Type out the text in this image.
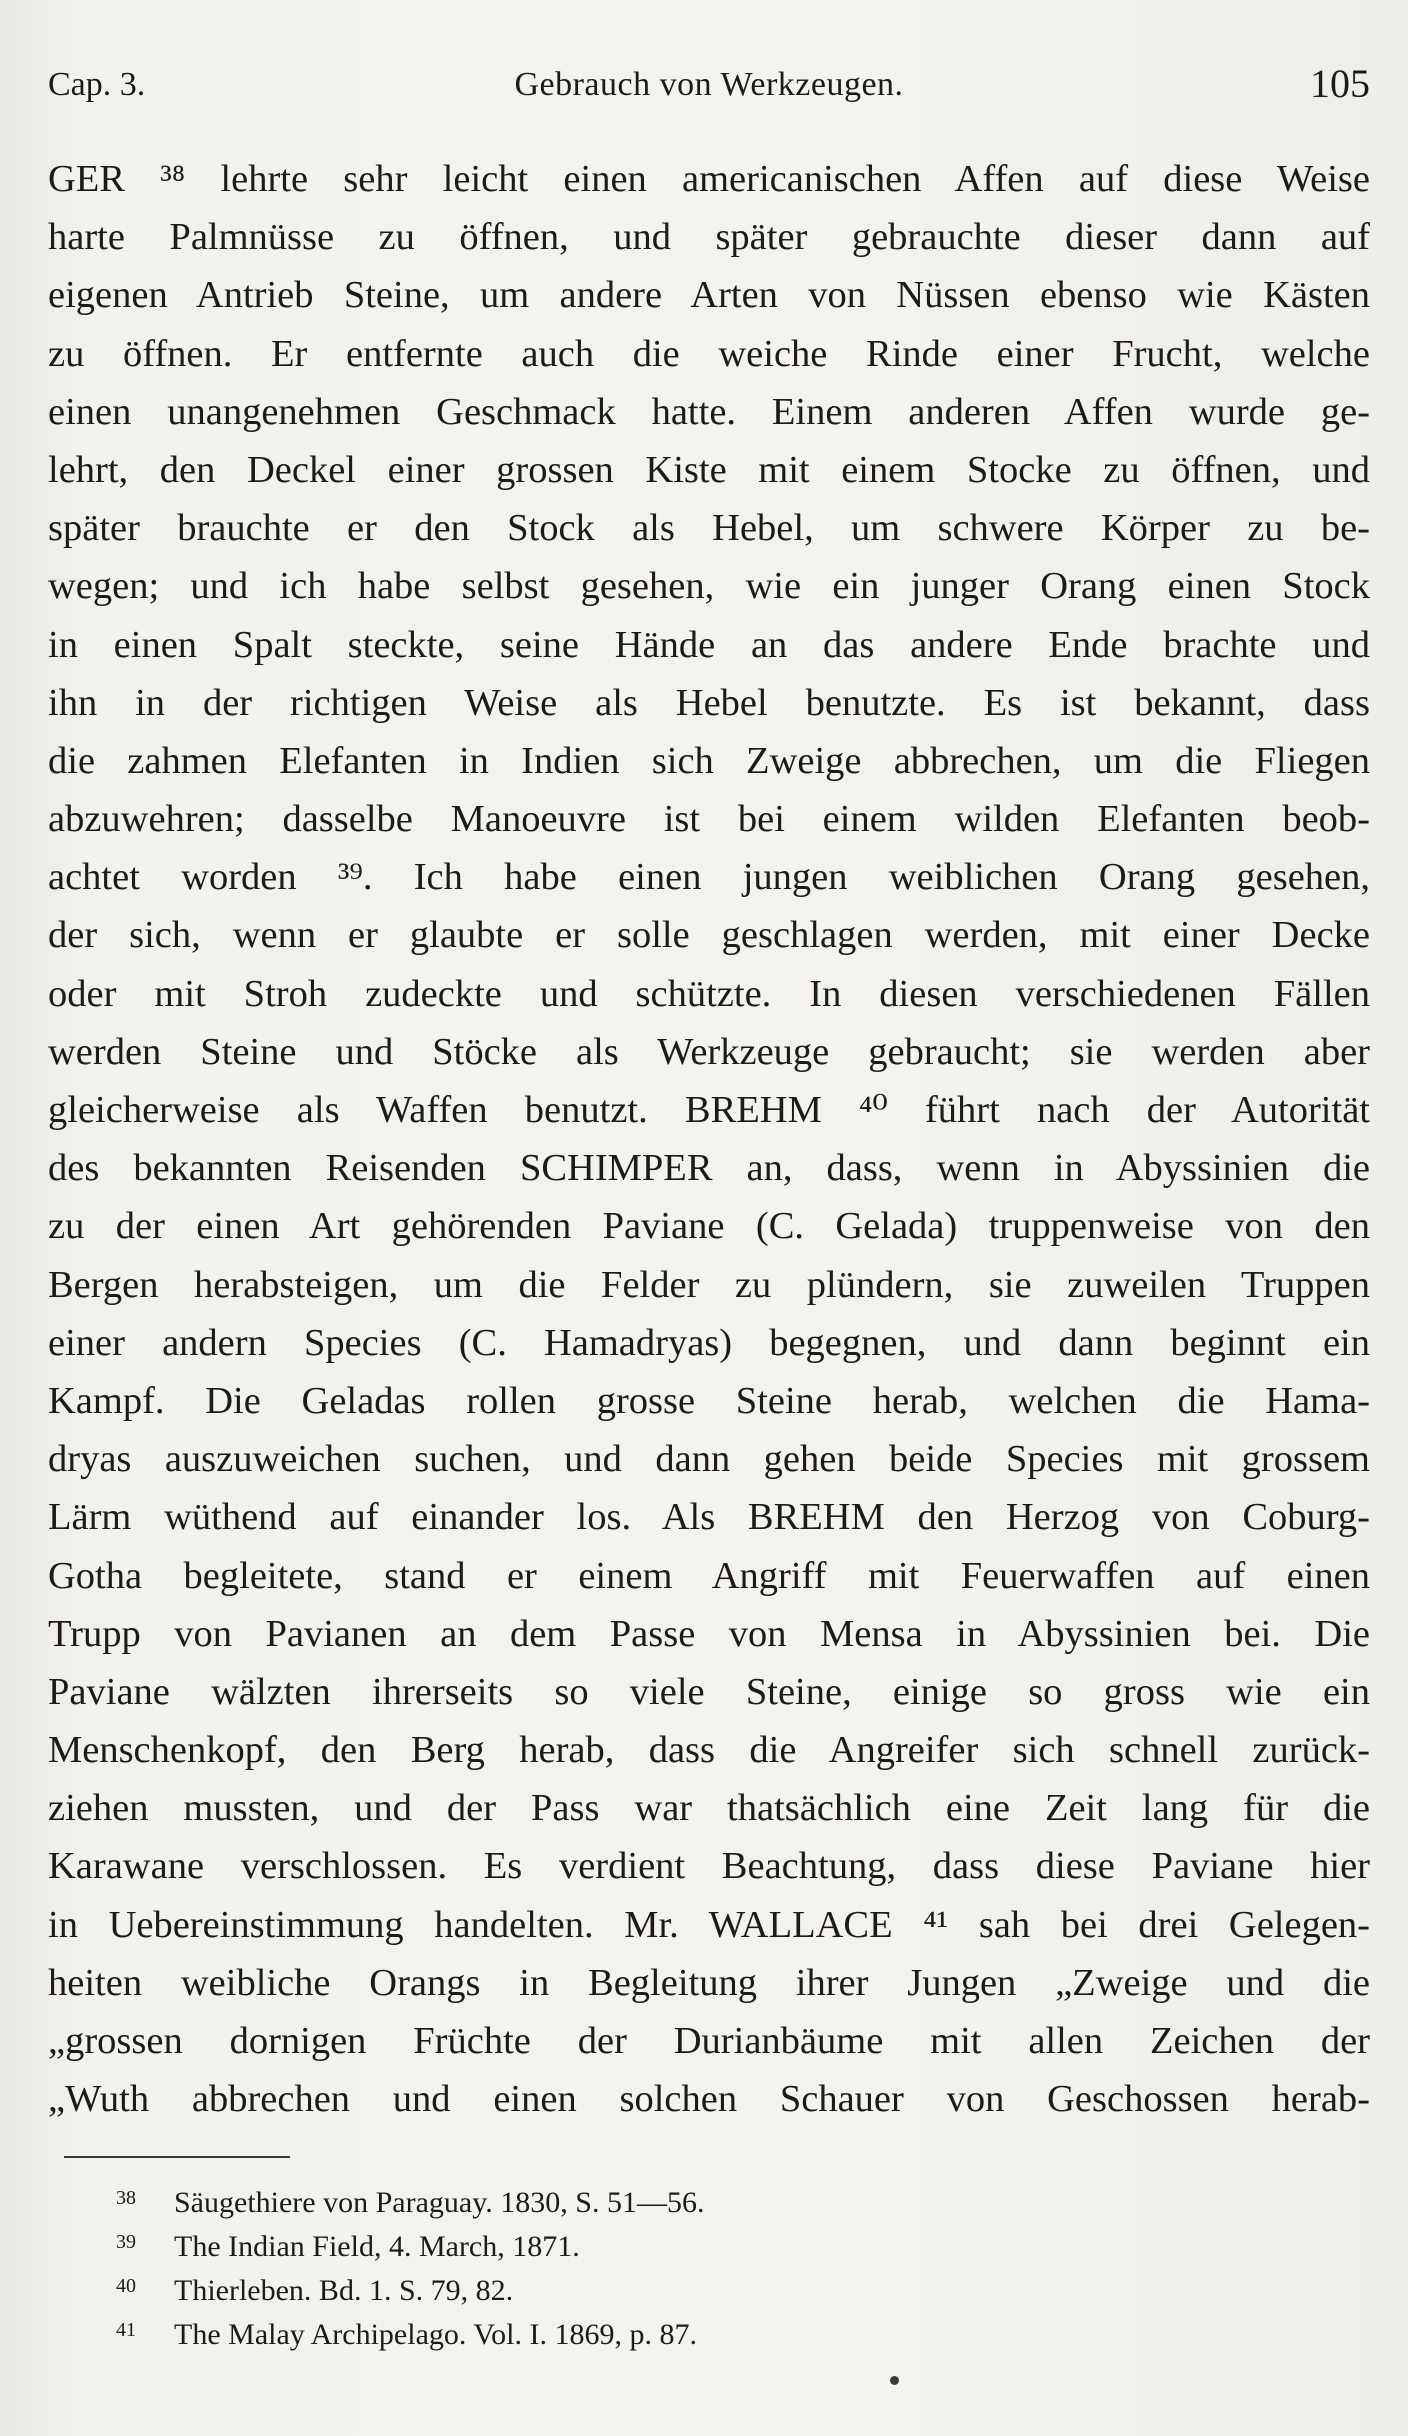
Cap. 3.	Gebrauch von Werkzeugen.	105
GER ³⁸ lehrte sehr leicht einen americanischen Affen auf diese Weise
harte Palmnüsse zu öffnen, und später gebrauchte dieser dann auf
eigenen Antrieb Steine, um andere Arten von Nüssen ebenso wie Kästen
zu öffnen. Er entfernte auch die weiche Rinde einer Frucht, welche
einen unangenehmen Geschmack hatte. Einem anderen Affen wurde ge-
lehrt, den Deckel einer grossen Kiste mit einem Stocke zu öffnen, und
später brauchte er den Stock als Hebel, um schwere Körper zu be-
wegen; und ich habe selbst gesehen, wie ein junger Orang einen Stock
in einen Spalt steckte, seine Hände an das andere Ende brachte und
ihn in der richtigen Weise als Hebel benutzte. Es ist bekannt, dass
die zahmen Elefanten in Indien sich Zweige abbrechen, um die Fliegen
abzuwehren; dasselbe Manoeuvre ist bei einem wilden Elefanten beob-
achtet worden ³⁹. Ich habe einen jungen weiblichen Orang gesehen,
der sich, wenn er glaubte er solle geschlagen werden, mit einer Decke
oder mit Stroh zudeckte und schützte. In diesen verschiedenen Fällen
werden Steine und Stöcke als Werkzeuge gebraucht; sie werden aber
gleicherweise als Waffen benutzt. BREHM ⁴⁰ führt nach der Autorität
des bekannten Reisenden SCHIMPER an, dass, wenn in Abyssinien die
zu der einen Art gehörenden Paviane (C. Gelada) truppenweise von den
Bergen herabsteigen, um die Felder zu plündern, sie zuweilen Truppen
einer andern Species (C. Hamadryas) begegnen, und dann beginnt ein
Kampf. Die Geladas rollen grosse Steine herab, welchen die Hama-
dryas auszuweichen suchen, und dann gehen beide Species mit grossem
Lärm wüthend auf einander los. Als BREHM den Herzog von Coburg-
Gotha begleitete, stand er einem Angriff mit Feuerwaffen auf einen
Trupp von Pavianen an dem Passe von Mensa in Abyssinien bei. Die
Paviane wälzten ihrerseits so viele Steine, einige so gross wie ein
Menschenkopf, den Berg herab, dass die Angreifer sich schnell zurück-
ziehen mussten, und der Pass war thatsächlich eine Zeit lang für die
Karawane verschlossen. Es verdient Beachtung, dass diese Paviane hier
in Uebereinstimmung handelten. Mr. WALLACE ⁴¹ sah bei drei Gelegen-
heiten weibliche Orangs in Begleitung ihrer Jungen „Zweige und die
„grossen dornigen Früchte der Durianbäume mit allen Zeichen der
„Wuth abbrechen und einen solchen Schauer von Geschossen herab-
38 Säugethiere von Paraguay. 1830, S. 51—56.
39 The Indian Field, 4. March, 1871.
40 Thierleben. Bd. 1. S. 79, 82.
41 The Malay Archipelago. Vol. I. 1869, p. 87.
